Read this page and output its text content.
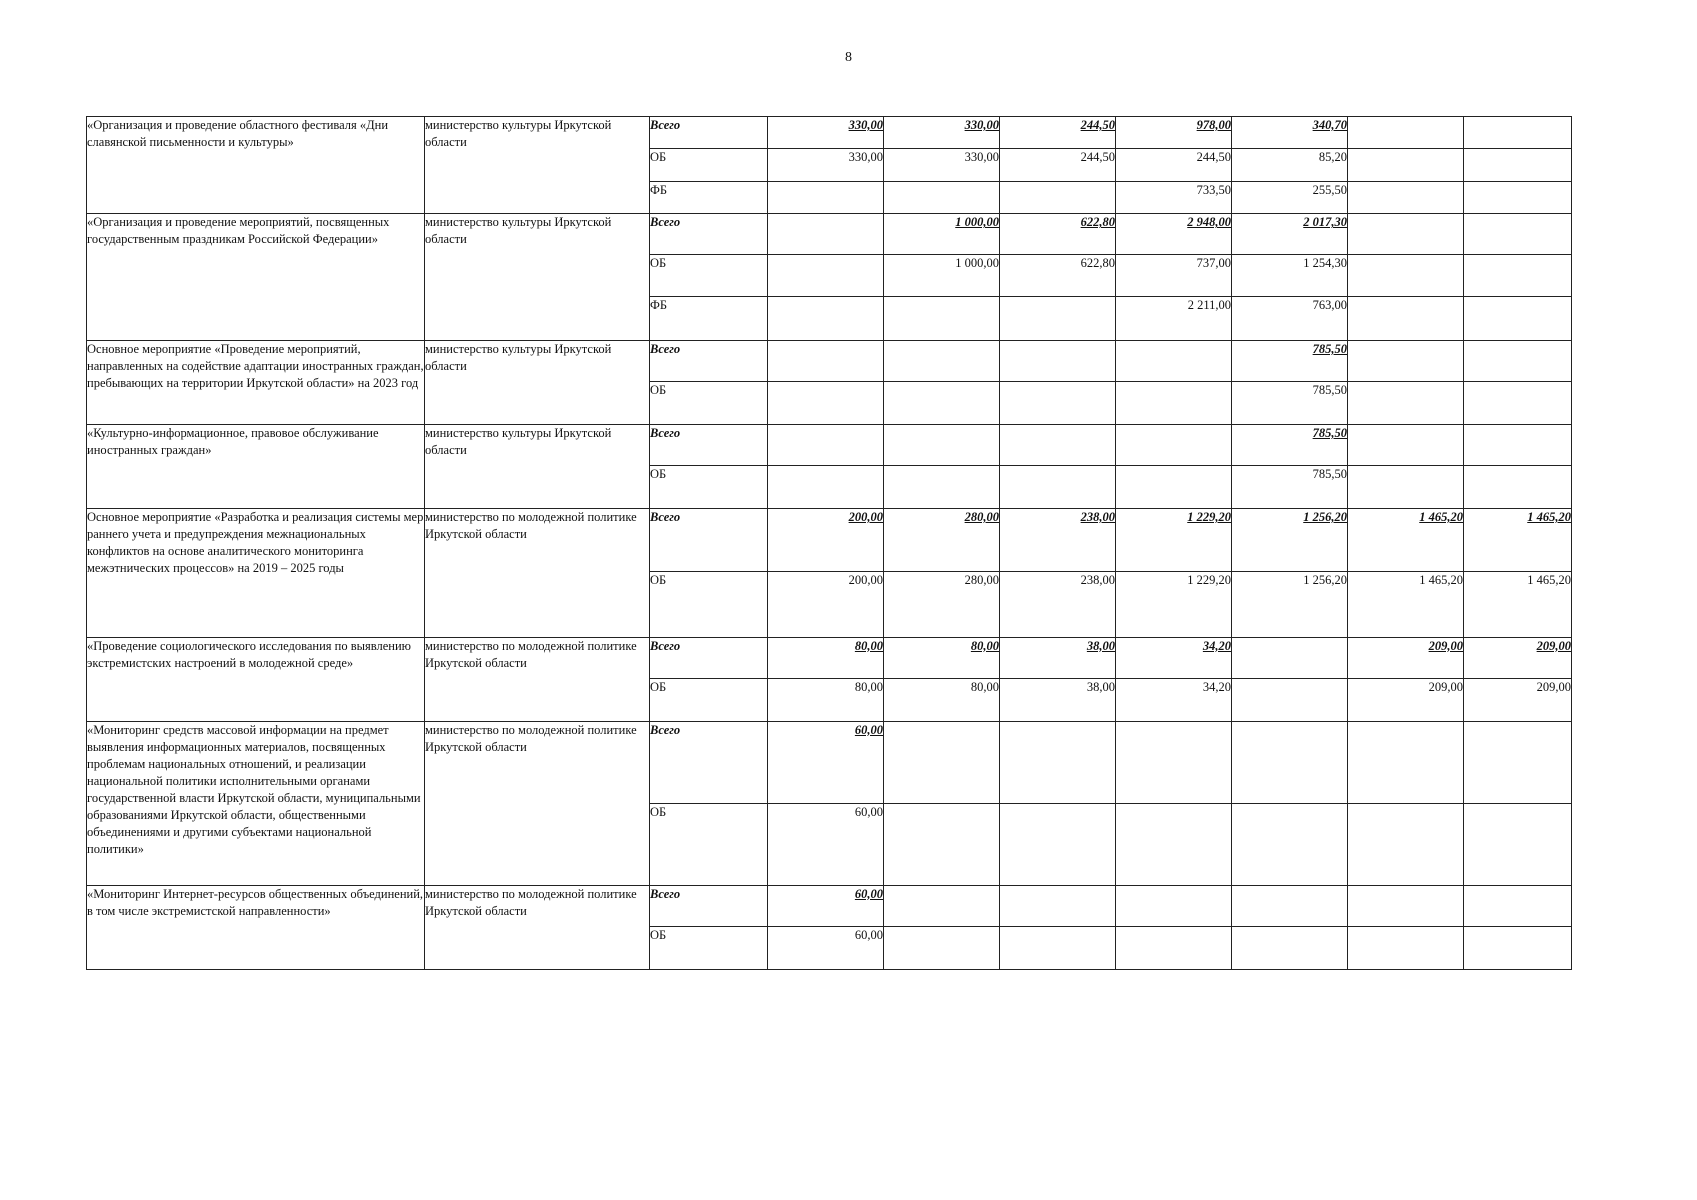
8
«Организация и проведение областного фестиваля «Дни славянской письменности и культуры»	министерство культуры Иркутской области	Всего	330,00	330,00	244,50	978,00	340,70		
		ОБ	330,00	330,00	244,50	244,50	85,20		
		ФБ				733,50	255,50		
«Организация и проведение мероприятий, посвященных государственным праздникам Российской Федерации»	министерство культуры Иркутской области	Всего		1 000,00	622,80	2 948,00	2 017,30		
		ОБ		1 000,00	622,80	737,00	1 254,30		
		ФБ				2 211,00	763,00		
Основное мероприятие «Проведение мероприятий, направленных на содействие адаптации иностранных граждан, пребывающих на территории Иркутской области» на 2023 год	министерство культуры Иркутской области	Всего					785,50		
		ОБ					785,50		
«Культурно-информационное, правовое обслуживание иностранных граждан»	министерство культуры Иркутской области	Всего					785,50		
		ОБ					785,50		
Основное мероприятие «Разработка и реализация системы мер раннего учета и предупреждения межнациональных конфликтов на основе аналитического мониторинга межэтнических процессов» на 2019 – 2025 годы	министерство по молодежной политике Иркутской области	Всего	200,00	280,00	238,00	1 229,20	1 256,20	1 465,20	1 465,20
		ОБ	200,00	280,00	238,00	1 229,20	1 256,20	1 465,20	1 465,20
«Проведение социологического исследования по выявлению экстремистских настроений в молодежной среде»	министерство по молодежной политике Иркутской области	Всего	80,00	80,00	38,00	34,20		209,00	209,00
		ОБ	80,00	80,00	38,00	34,20		209,00	209,00
«Мониторинг средств массовой информации на предмет выявления информационных материалов, посвященных проблемам национальных отношений, и реализации национальной политики исполнительными органами государственной власти Иркутской области, муниципальными образованиями Иркутской области, общественными объединениями и другими субъектами национальной политики»	министерство по молодежной политике Иркутской области	Всего	60,00						
		ОБ	60,00						
«Мониторинг Интернет-ресурсов общественных объединений, в том числе экстремистской направленности»	министерство по молодежной политике Иркутской области	Всего	60,00						
		ОБ	60,00						
